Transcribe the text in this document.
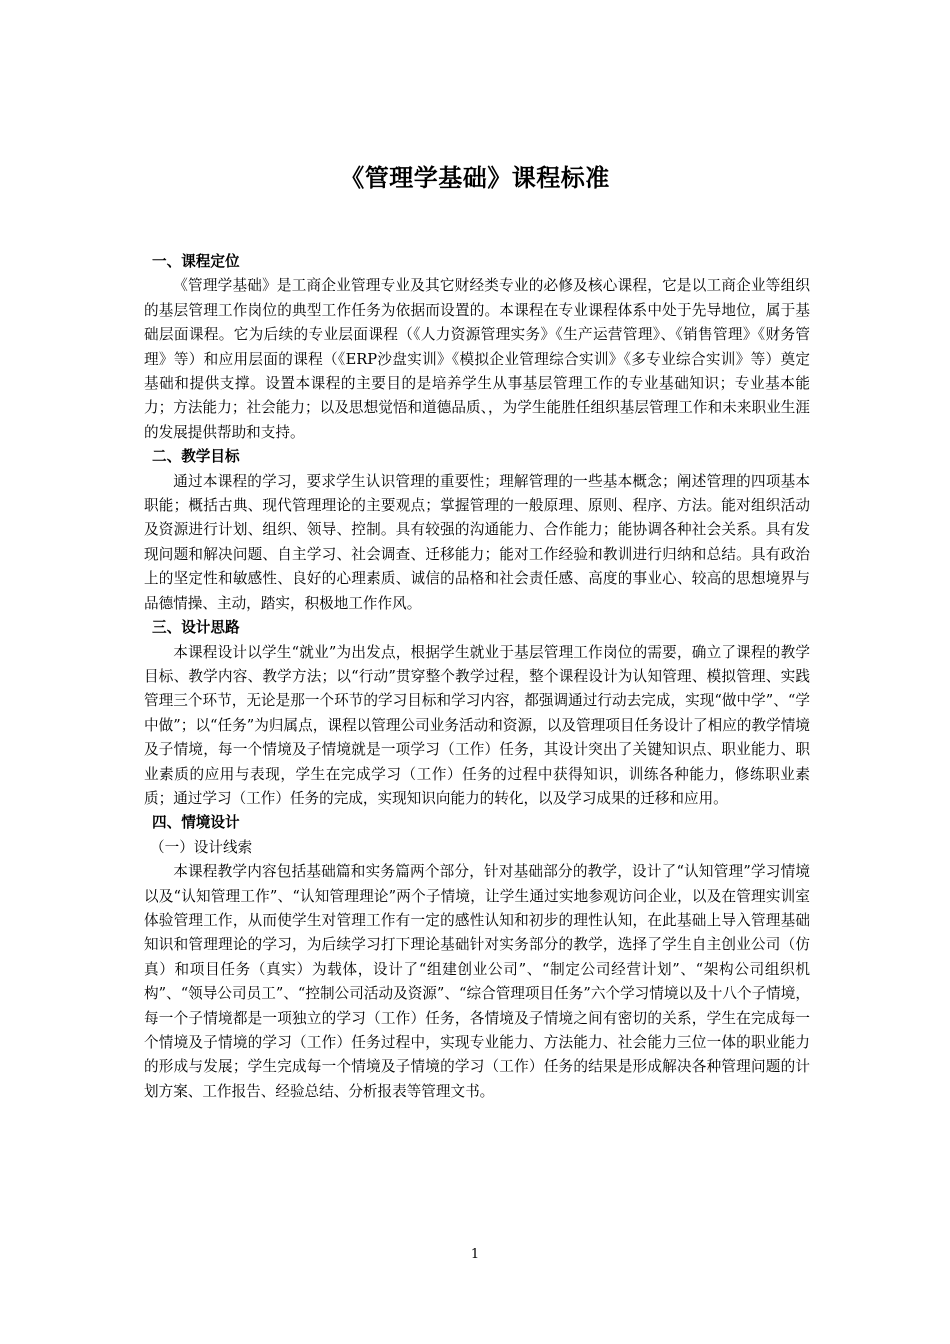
《管理学基础》课程标准
一、课程定位

《管理学基础》是工商企业管理专业及其它财经类专业的必修及核心课程，它是以工商企业等组织的基层管理工作岗位的典型工作任务为依据而设置的。本课程在专业课程体系中处于先导地位，属于基础层面课程。它为后续的专业层面课程（《人力资源管理实务》《生产运营管理》、《销售管理》《财务管理》等）和应用层面的课程（《ERP沙盘实训》《模拟企业管理综合实训》《多专业综合实训》等）奠定基础和提供支撑。设置本课程的主要目的是培养学生从事基层管理工作的专业基础知识；专业基本能力；方法能力；社会能力；以及思想觉悟和道德品质、，为学生能胜任组织基层管理工作和未来职业生涯的发展提供帮助和支持。

二、教学目标

通过本课程的学习，要求学生认识管理的重要性；理解管理的一些基本概念；阐述管理的四项基本职能；概括古典、现代管理理论的主要观点；掌握管理的一般原理、原则、程序、方法。能对组织活动及资源进行计划、组织、领导、控制。具有较强的沟通能力、合作能力；能协调各种社会关系。具有发现问题和解决问题、自主学习、社会调查、迁移能力；能对工作经验和教训进行归纳和总结。具有政治上的坚定性和敏感性、良好的心理素质、诚信的品格和社会责任感、高度的事业心、较高的思想境界与品德情操、主动，踏实，积极地工作作风。

三、设计思路

本课程设计以学生“就业”为出发点，根据学生就业于基层管理工作岗位的需要，确立了课程的教学目标、教学内容、教学方法；以“行动”贯穿整个教学过程，整个课程设计为认知管理、模拟管理、实践管理三个环节，无论是那一个环节的学习目标和学习内容，都强调通过行动去完成，实现“做中学”、“学中做”；以“任务”为归属点，课程以管理公司业务活动和资源，以及管理项目任务设计了相应的教学情境及子情境，每一个情境及子情境就是一项学习（工作）任务，其设计突出了关键知识点、职业能力、职业素质的应用与表现，学生在完成学习（工作）任务的过程中获得知识，训练各种能力，修练职业素质；通过学习（工作）任务的完成，实现知识向能力的转化，以及学习成果的迁移和应用。

四、情境设计
（一）设计线索

本课程教学内容包括基础篇和实务篇两个部分，针对基础部分的教学，设计了“认知管理”学习情境以及“认知管理工作”、“认知管理理论”两个子情境，让学生通过实地参观访问企业，以及在管理实训室体验管理工作，从而使学生对管理工作有一定的感性认知和初步的理性认知，在此基础上导入管理基础知识和管理理论的学习，为后续学习打下理论基础针对实务部分的教学，选择了学生自主创业公司（仿真）和项目任务（真实）为载体，设计了“组建创业公司”、“制定公司经营计划”、“架构公司组织机构”、“领导公司员工”、“控制公司活动及资源”、“综合管理项目任务”六个学习情境以及十八个子情境，每一个子情境都是一项独立的学习（工作）任务，各情境及子情境之间有密切的关系，学生在完成每一个情境及子情境的学习（工作）任务过程中，实现专业能力、方法能力、社会能力三位一体的职业能力的形成与发展；学生完成每一个情境及子情境的学习（工作）任务的结果是形成解决各种管理问题的计划方案、工作报告、经验总结、分析报表等管理文书。

1
